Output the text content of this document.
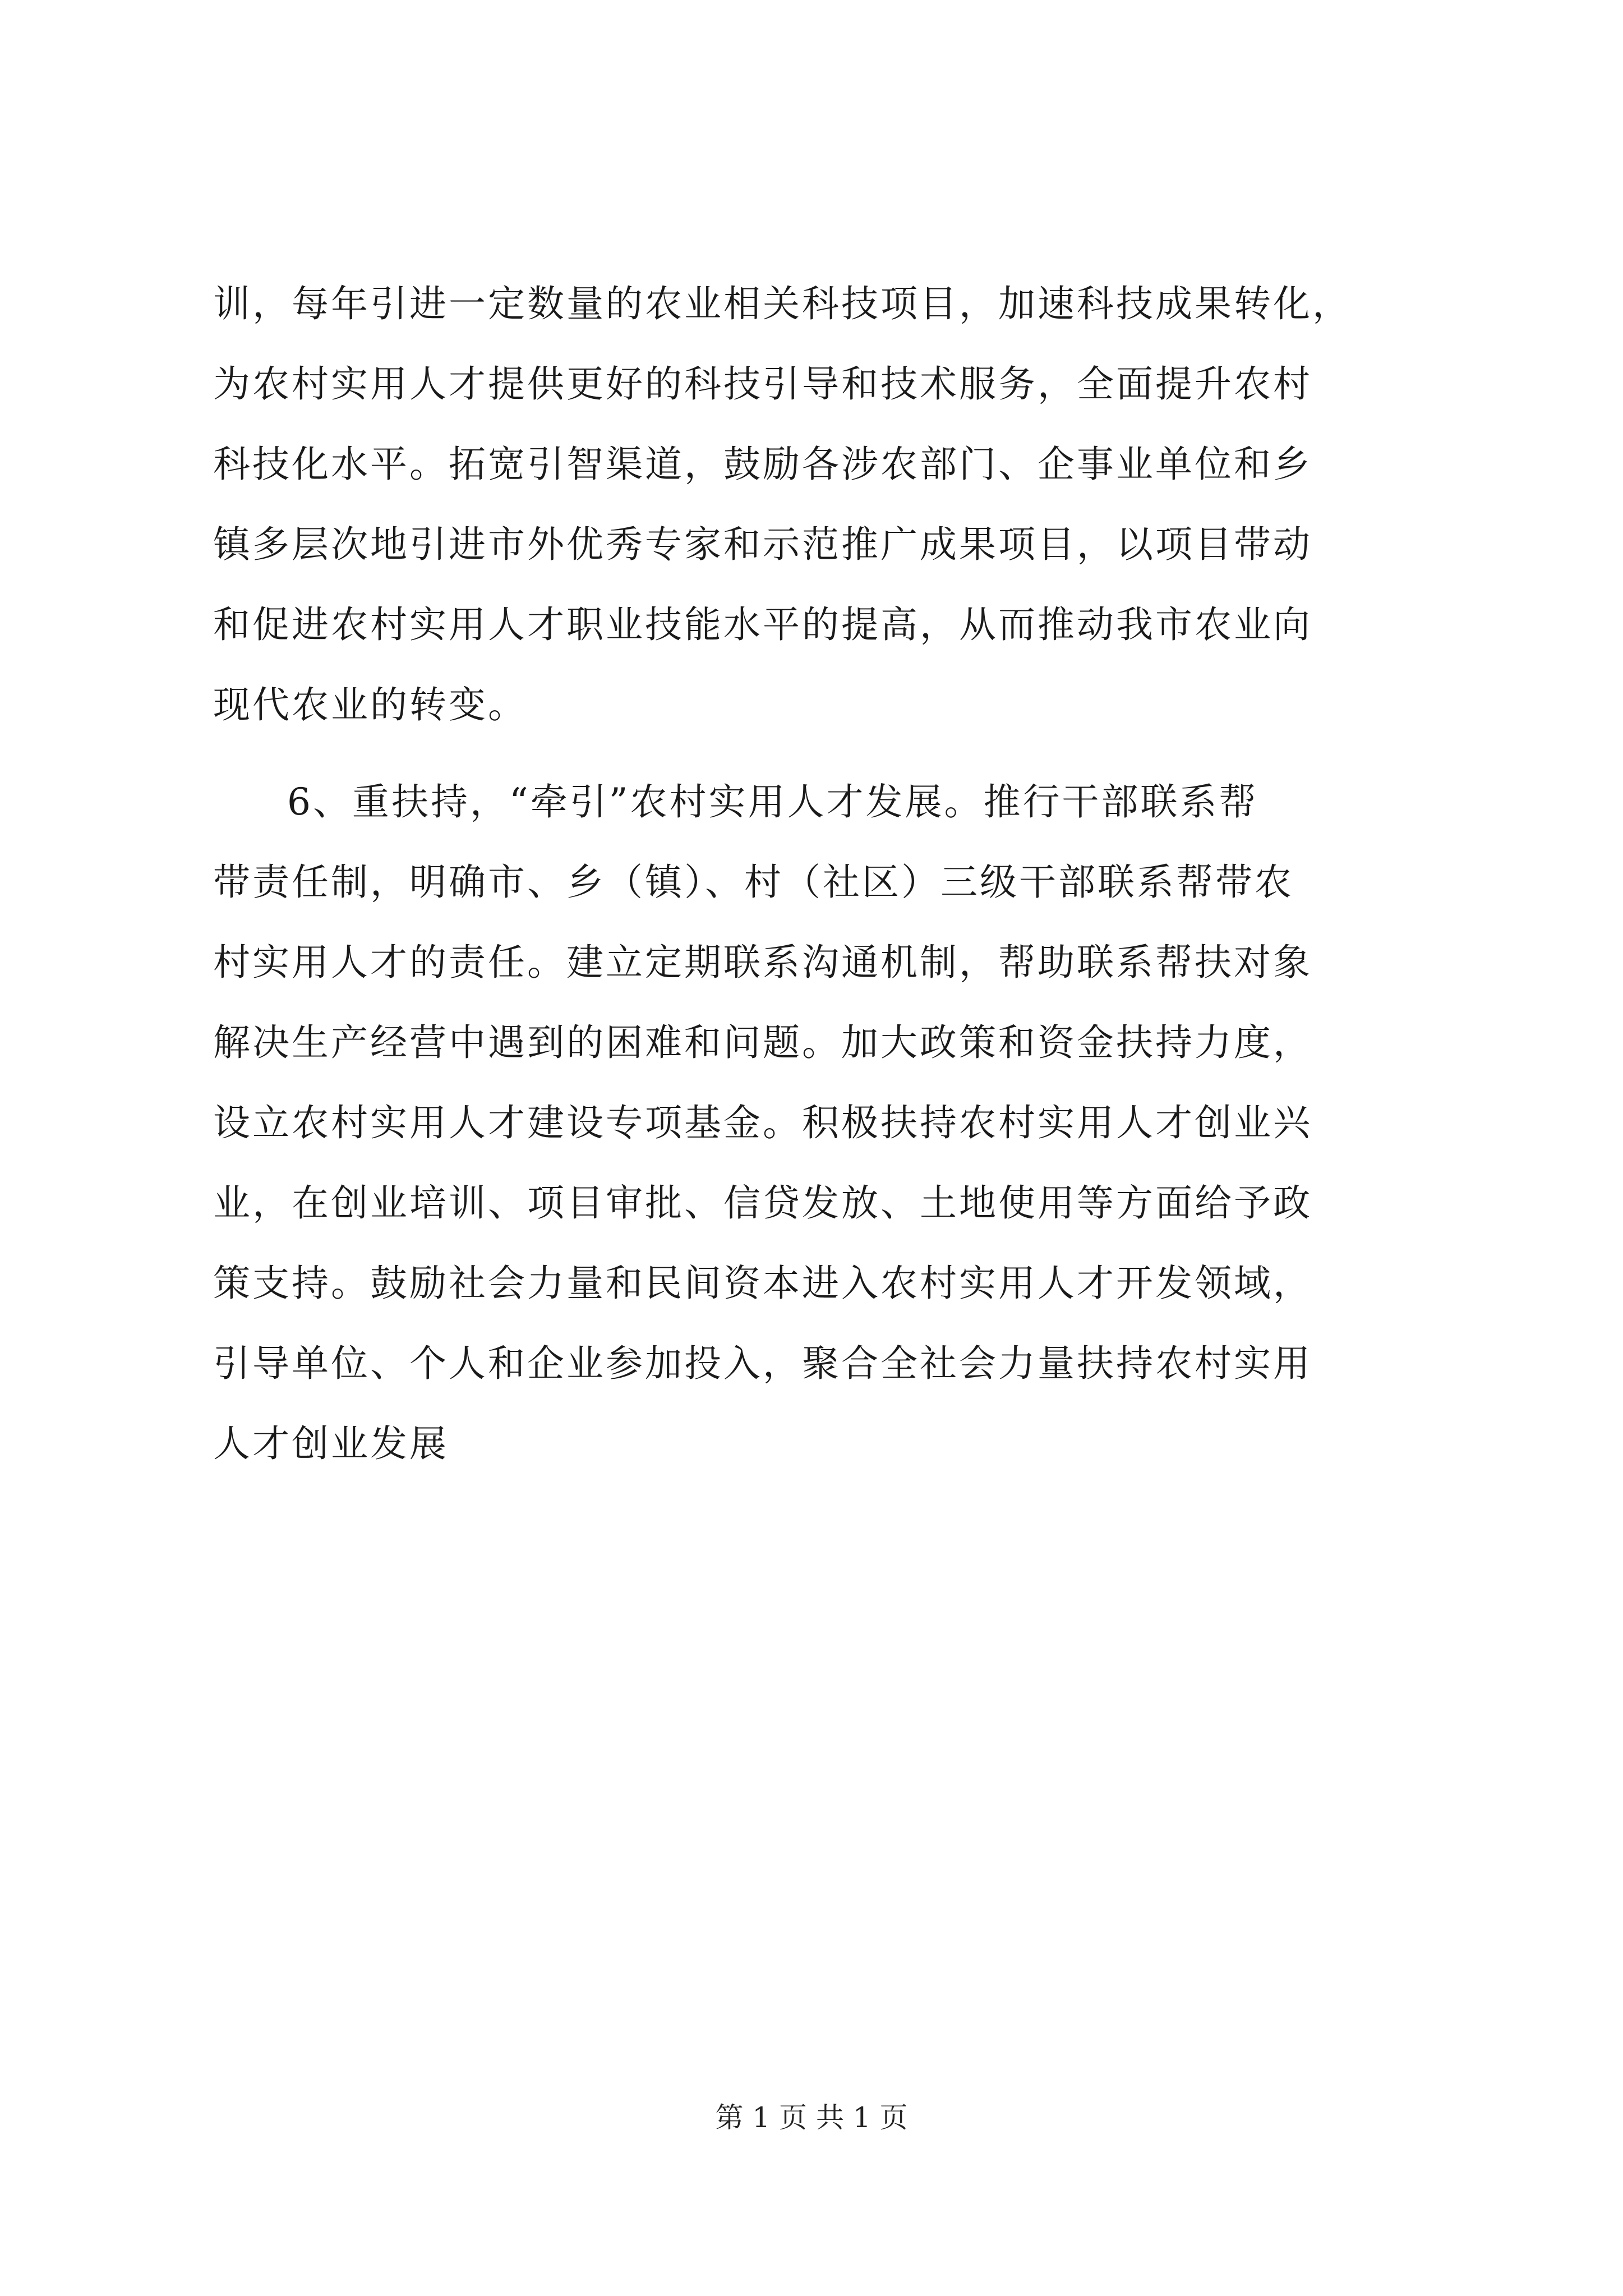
训，每年引进一定数量的农业相关科技项目，加速科技成果转化，
为农村实用人才提供更好的科技引导和技术服务，全面提升农村
科技化水平。拓宽引智渠道，鼓励各涉农部门、企事业单位和乡
镇多层次地引进市外优秀专家和示范推广成果项目，以项目带动
和促进农村实用人才职业技能水平的提高，从而推动我市农业向
现代农业的转变。
6、重扶持，“牵引”农村实用人才发展。推行干部联系帮
带责任制，明确市、乡（镇）、村（社区）三级干部联系帮带农
村实用人才的责任。建立定期联系沟通机制，帮助联系帮扶对象
解决生产经营中遇到的困难和问题。加大政策和资金扶持力度，
设立农村实用人才建设专项基金。积极扶持农村实用人才创业兴
业，在创业培训、项目审批、信贷发放、土地使用等方面给予政
策支持。鼓励社会力量和民间资本进入农村实用人才开发领域，
引导单位、个人和企业参加投入，聚合全社会力量扶持农村实用
人才创业发展
第 1 页 共 1 页
